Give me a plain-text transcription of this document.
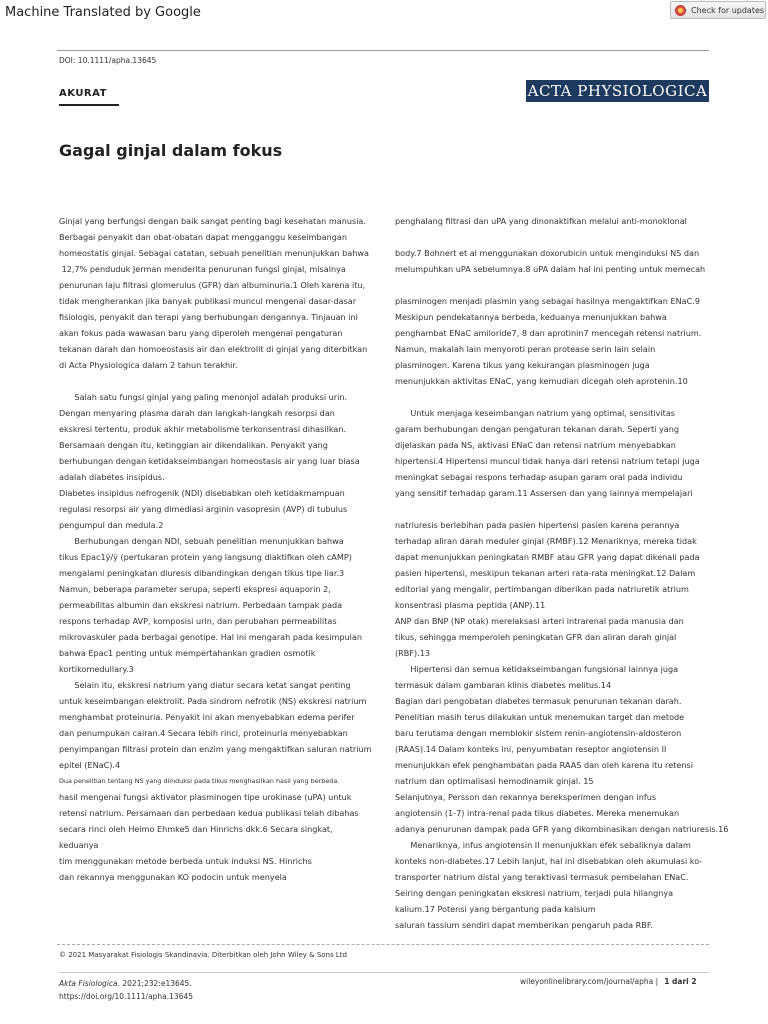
Machine Translated by Google	Check for updates
DOI: 10.1111/apha.13645
AKURAT	ACTA PHYSIOLOGICA
Gagal ginjal dalam fokus

Ginjal yang berfungsi dengan baik sangat penting bagi kesehatan manusia.

Berbagai penyakit dan obat-obatan dapat mengganggu keseimbangan

homeostatis ginjal. Sebagai catatan, sebuah penelitian menunjukkan bahwa

12,7% penduduk Jerman menderita penurunan fungsi ginjal, misalnya

penurunan laju filtrasi glomerulus (GFR) dan albuminuria.1 Oleh karena itu,

tidak mengherankan jika banyak publikasi muncul mengenai dasar-dasar

fisiologis, penyakit dan terapi yang berhubungan dengannya. Tinjauan ini

akan fokus pada wawasan baru yang diperoleh mengenai pengaturan

tekanan darah dan homoeostasis air dan elektrolit di ginjal yang diterbitkan

di Acta Physiologica dalam 2 tahun terakhir.

Salah satu fungsi ginjal yang paling menonjol adalah produksi urin.

Dengan menyaring plasma darah dan langkah-langkah resorpsi dan

ekskresi tertentu, produk akhir metabolisme terkonsentrasi dihasilkan.

Bersamaan dengan itu, ketinggian air dikendalikan. Penyakit yang

berhubungan dengan ketidakseimbangan homeostasis air yang luar biasa

adalah diabetes insipidus.

Diabetes insipidus nefrogenik (NDI) disebabkan oleh ketidakmampuan

regulasi resorpsi air yang dimediasi arginin vasopresin (AVP) di tubulus

pengumpul dan medula.2

Berhubungan dengan NDI, sebuah penelitian menunjukkan bahwa

tikus Epac1ÿ/ÿ (pertukaran protein yang langsung diaktifkan oleh cAMP)

mengalami peningkatan diuresis dibandingkan dengan tikus tipe liar.3

Namun, beberapa parameter serupa, seperti ekspresi aquaporin 2,

permeabilitas albumin dan ekskresi natrium. Perbedaan tampak pada

respons terhadap AVP, komposisi urin, dan perubahan permeabilitas

mikrovaskuler pada berbagai genotipe. Hal ini mengarah pada kesimpulan

bahwa Epac1 penting untuk mempertahankan gradien osmotik

kortikomedullary.3

Selain itu, ekskresi natrium yang diatur secara ketat sangat penting

untuk keseimbangan elektrolit. Pada sindrom nefrotik (NS) ekskresi natrium

menghambat proteinuria. Penyakit ini akan menyebabkan edema perifer

dan penumpukan cairan.4 Secara lebih rinci, proteinuria menyebabkan

penyimpangan filtrasi protein dan enzim yang mengaktifkan saluran natrium

epitel (ENaC).4

Dua penelitian tentang NS yang diinduksi pada tikus menghasilkan hasil yang berbeda.

hasil mengenai fungsi aktivator plasminogen tipe urokinase (uPA) untuk

retensi natrium. Persamaan dan perbedaan kedua publikasi telah dibahas

secara rinci oleh Heimo Ehmke5 dan Hinrichs dkk.6 Secara singkat,

keduanya

tim menggunakan metode berbeda untuk induksi NS. Hinrichs

dan rekannya menggunakan KO podocin untuk menyela

penghalang filtrasi dan uPA yang dinonaktifkan melalui anti-monoklonal

body.7 Bohnert et al menggunakan doxorubicin untuk menginduksi NS dan

melumpuhkan uPA sebelumnya.8 uPA dalam hal ini penting untuk memecah

plasminogen menjadi plasmin yang sebagai hasilnya mengaktifkan ENaC.9

Meskipun pendekatannya berbeda, keduanya menunjukkan bahwa

penghambat ENaC amiloride7, 8 dan aprotinin7 mencegah retensi natrium.

Namun, makalah lain menyoroti peran protease serin lain selain

plasminogen. Karena tikus yang kekurangan plasminogen juga

menunjukkan aktivitas ENaC, yang kemudian dicegah oleh aprotenin.10

Untuk menjaga keseimbangan natrium yang optimal, sensitivitas

garam berhubungan dengan pengaturan tekanan darah. Seperti yang

dijelaskan pada NS, aktivasi ENaC dan retensi natrium menyebabkan

hipertensi.4 Hipertensi muncul tidak hanya dari retensi natrium tetapi juga

meningkat sebagai respons terhadap asupan garam oral pada individu

yang sensitif terhadap garam.11 Assersen dan yang lainnya mempelajari

natriuresis berlebihan pada pasien hipertensi pasien karena perannya

terhadap aliran darah meduler ginjal (RMBF).12 Menariknya, mereka tidak

dapat menunjukkan peningkatan RMBF atau GFR yang dapat dikenali pada

pasien hipertensi, meskipun tekanan arteri rata-rata meningkat.12 Dalam

editorial yang mengalir, pertimbangan diberikan pada natriuretik atrium

konsentrasi plasma peptida (ANP).11

ANP dan BNP (NP otak) merelaksasi arteri intrarenal pada manusia dan

tikus, sehingga memperoleh peningkatan GFR dan aliran darah ginjal

(RBF).13

Hipertensi dan semua ketidakseimbangan fungsional lainnya juga

termasuk dalam gambaran klinis diabetes melitus.14

Bagian dari pengobatan diabetes termasuk penurunan tekanan darah.

Penelitian masih terus dilakukan untuk menemukan target dan metode

baru terutama dengan memblokir sistem renin-angiotensin-aldosteron

(RAAS).14 Dalam konteks ini, penyumbatan reseptor angiotensin II

menunjukkan efek penghambatan pada RAAS dan oleh karena itu retensi

natrium dan optimalisasi hemodinamik ginjal. 15

Selanjutnya, Persson dan rekannya bereksperimen dengan infus

angiotensin (1-7) intra-renal pada tikus diabetes. Mereka menemukan

adanya penurunan dampak pada GFR yang dikombinasikan dengan natriuresis.16

Menariknya, infus angiotensin II menunjukkan efek sebaliknya dalam

konteks non-diabetes.17 Lebih lanjut, hal ini disebabkan oleh akumulasi ko-

transporter natrium distal yang teraktivasi termasuk pembelahan ENaC.

Seiring dengan peningkatan ekskresi natrium, terjadi pula hilangnya

kalium.17 Potensi yang bergantung pada kalsium

saluran tassium sendiri dapat memberikan pengaruh pada RBF.

© 2021 Masyarakat Fisiologis Skandinavia. Diterbitkan oleh John Wiley & Sons Ltd
Akta Fisiologica. 2021;232:e13645.
https://doi.org/10.1111/apha.13645
wileyonlinelibrary.com/journal/apha | 1 dari 2
